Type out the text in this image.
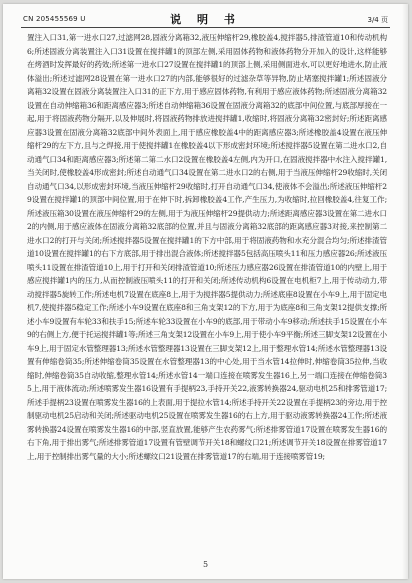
CN 205455569 U	说 明 书	3/4 页
置注入口31,第一进水口27,过滤网28,固液分离箱32,液压伸缩杆29,橡胶盖4,搅拌器5,排渣管道10和传动机构6;所述固液分离装置注入口31设置在搅拌罐1的顶部左侧,采用固体药物和液体药物分开加入的设计,这样能够在烤酒时发挥最好的药效;所述第一进水口27设置在搅拌罐1的顶部上侧,采用侧面进水,可以更好地进水,防止液体溢出;所述过滤网28设置在第一进水口27的内部,能够很好的过滤杂草等异物,防止堵塞搅拌罐1;所述固液分离箱32设置在固液分离装置注入口31的正下方,用于感应固体药物,有利用于感应液体药物;所述固液分离箱32设置在自动伸缩箱36和距离感应器3;所述自动伸缩箱36设置在固液分离箱32的底部中间位置,与底部厚接在一起,用于将固液药物分隔开,以及伸展时,将固液药物排放进搅拌罐1,收缩时,将固液分离箱32密封好;所述距离感应器3设置在固液分离箱32底部中间外表面上,用于感应橡胶盖4中的距离感应器3;所述橡胶盖4设置在液压伸缩杆29的左下方,且与之焊接,用于使搅拌罐1在橡胶盖4以下形成密封环境;所述搅拌器5设置在第二进水口2,自动通气口34和距离感应器3;所述第二第二水口2设置在橡胶盖4左侧,内为开口,在固液搅拌器中水注入搅拌罐1,当关闭时,使橡胶盖4形成密封;所述自动通气口34设置在第二进水口2的右侧,用于当液压伸缩杆29收缩时,关闭自动通气口34,以形成密封环境,当液压伸缩杆29收缩时,打开自动通气口34,使液体不会溢出;所述液压伸缩杆29设置在搅拌罐1的顶部中间位置,用于在伸下时,拆卸橡胶盖4工作,产生压力,为收缩时,拉回橡胶盖4,往复工作;所述液压箱30设置在液压伸缩杆29的左侧,用于为液压伸缩杆29提供动力;所述距离感应器3设置在第二进水口2的内侧,用于感应液体在固液分离箱32底部的位置,并且与固液分离箱32底部的距离感应器3对接,来控制第二进水口2的打开与关闭;所述搅拌器5设置在搅拌罐1的下方中部,用于将固液药物和水充分混合均匀;所述排渣管道10设置在搅拌罐1的右下方底部,用于排出混合液体;所述搅拌器5包括高压喷头11和压力感应器26;所述液压喷头11设置在排渣管道10上,用于打开和关闭排渣管道10;所述压力感应器26设置在排渣管道10的内壁上,用于感应搅拌罐1内的压力,从而控制液压喷头11的打开和关闭;所述传动机构6设置在电机柜7上,用于传动动力,带动搅拌器5旋转工作;所述电机7设置在底座8上,用于为搅拌器5提供动力;所述底座8设置在小车9上,用于固定电机7,使搅拌器5稳定工作;所述小车9设置在底座8和三角支架12的下方,用于为底座8和三角支架12提供支撑;所述小车9设置有车轮33和扶手15;所述车轮33设置在小车9的底部,用于带动小车9移动;所述扶手15设置在小车9的右侧上方,便于托运搅拌罐1等;所述三角支架12设置在小车9上,用于使小车9平衡;所述三脚支架12设置在小车9上,用于固定水管整理器13;所述水管整理器13设置在三脚支架12上,用于整理水管14;所述水管整理器13设置有伸缩卷筒35;所述伸缩卷筒35设置在水管整理器13的中心处,用于当水管14拉伸时,伸缩卷筒35拉伸,当收缩时,伸缩卷筒35自动收缩,整理水管14;所述水管14一端口连接在喷雾发生器16上,另一端口连接在伸缩卷筒35上,用于液体流动;所述喷雾发生器16设置有手提柄23,手持开关22,液雾转换器24,驱动电机25和排雾管道17;所述手提柄23设置在喷雾发生器16的上表面,用于提拉水管14;所述手持开关22设置在手提柄23的旁边,用于控制驱动电机25启动和关闭;所述驱动电机25设置在喷雾发生器16的右上方,用于驱动液雾转换器24工作;所述液雾转换器24设置在喷雾发生器16的中部,竖直放置,能够产生农药雾气;所述排雾管道17设置在喷雾发生器16的右下角,用于排出雾气;所述排雾管道17设置有管壁调节开关18和螺纹口21;所述调节开关18设置在排雾管道17上,用于控制排出雾气量的大小;所述螺纹口21设置在排雾管道17的右端,用于连接喷雾管19;
5
